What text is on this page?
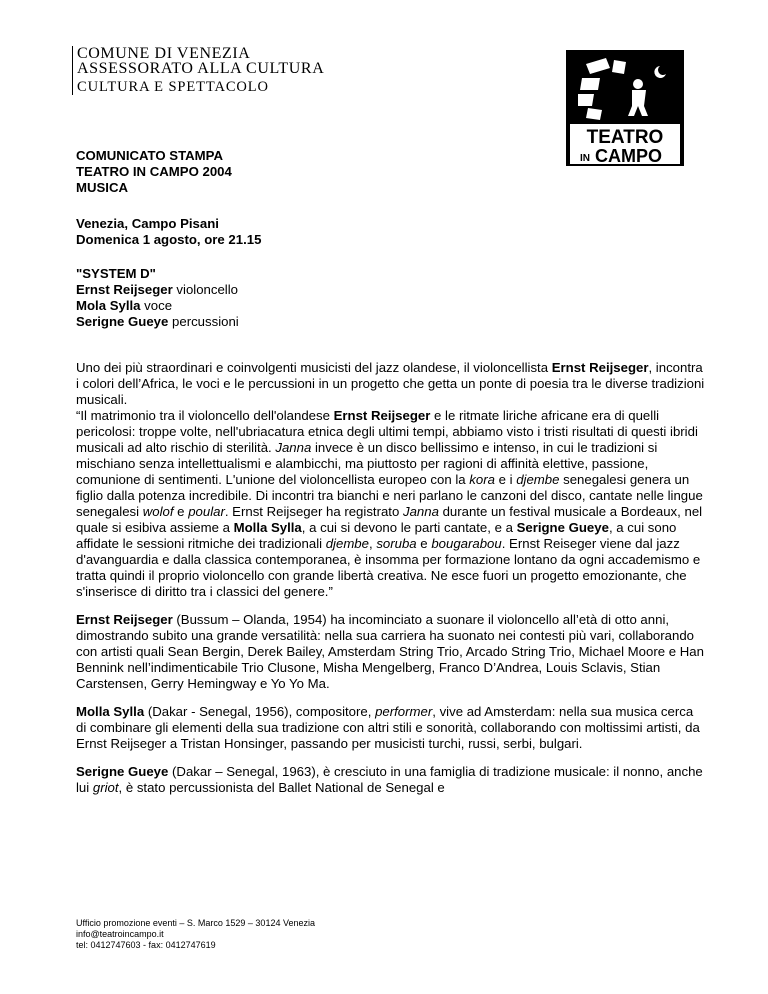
COMUNE DI VENEZIA
ASSESSORATO ALLA CULTURA
CULTURA E SPETTACOLO
TEATRO
IN CAMPO
COMUNICATO STAMPA
TEATRO IN CAMPO 2004
MUSICA
Venezia, Campo Pisani
Domenica 1 agosto, ore 21.15
"SYSTEM D"
Ernst Reijseger violoncello
Mola Sylla voce
Serigne Gueye percussioni

Uno dei più straordinari e coinvolgenti musicisti del jazz olandese, il violoncellista Ernst Reijseger, incontra i colori dell’Africa, le voci e le percussioni in un progetto che getta un ponte di poesia tra le diverse tradizioni musicali.
“Il matrimonio tra il violoncello dell'olandese Ernst Reijseger e le ritmate liriche africane era di quelli pericolosi: troppe volte, nell'ubriacatura etnica degli ultimi tempi, abbiamo visto i tristi risultati di questi ibridi musicali ad alto rischio di sterilità. Janna invece è un disco bellissimo e intenso, in cui le tradizioni si mischiano senza intellettualismi e alambicchi, ma piuttosto per ragioni di affinità elettive, passione, comunione di sentimenti. L'unione del violoncellista europeo con la kora e i djembe senegalesi genera un figlio dalla potenza incredibile. Di incontri tra bianchi e neri parlano le canzoni del disco, cantate nelle lingue senegalesi wolof e poular. Ernst Reijseger ha registrato Janna durante un festival musicale a Bordeaux, nel quale si esibiva assieme a Molla Sylla, a cui si devono le parti cantate, e a Serigne Gueye, a cui sono affidate le sessioni ritmiche dei tradizionali djembe, soruba e bougarabou. Ernst Reiseger viene dal jazz d'avanguardia e dalla classica contemporanea, è insomma per formazione lontano da ogni accademismo e tratta quindi il proprio violoncello con grande libertà creativa. Ne esce fuori un progetto emozionante, che s'inserisce di diritto tra i classici del genere.”

Ernst Reijseger (Bussum – Olanda, 1954) ha incominciato a suonare il violoncello all’età di otto anni, dimostrando subito una grande versatilità: nella sua carriera ha suonato nei contesti più vari, collaborando con artisti quali Sean Bergin, Derek Bailey, Amsterdam String Trio, Arcado String Trio, Michael Moore e Han Bennink nell’indimenticabile Trio Clusone, Misha Mengelberg, Franco D’Andrea, Louis Sclavis, Stian Carstensen, Gerry Hemingway e Yo Yo Ma.

Molla Sylla (Dakar - Senegal, 1956), compositore, performer, vive ad Amsterdam: nella sua musica cerca di combinare gli elementi della sua tradizione con altri stili e sonorità, collaborando con moltissimi artisti, da Ernst Reijseger a Tristan Honsinger, passando per musicisti turchi, russi, serbi, bulgari.

Serigne Gueye (Dakar – Senegal, 1963), è cresciuto in una famiglia di tradizione musicale: il nonno, anche lui griot, è stato percussionista del Ballet National de Senegal e

Ufficio promozione eventi – S. Marco 1529 – 30124 Venezia
info@teatroincampo.it
tel: 0412747603 - fax: 0412747619
